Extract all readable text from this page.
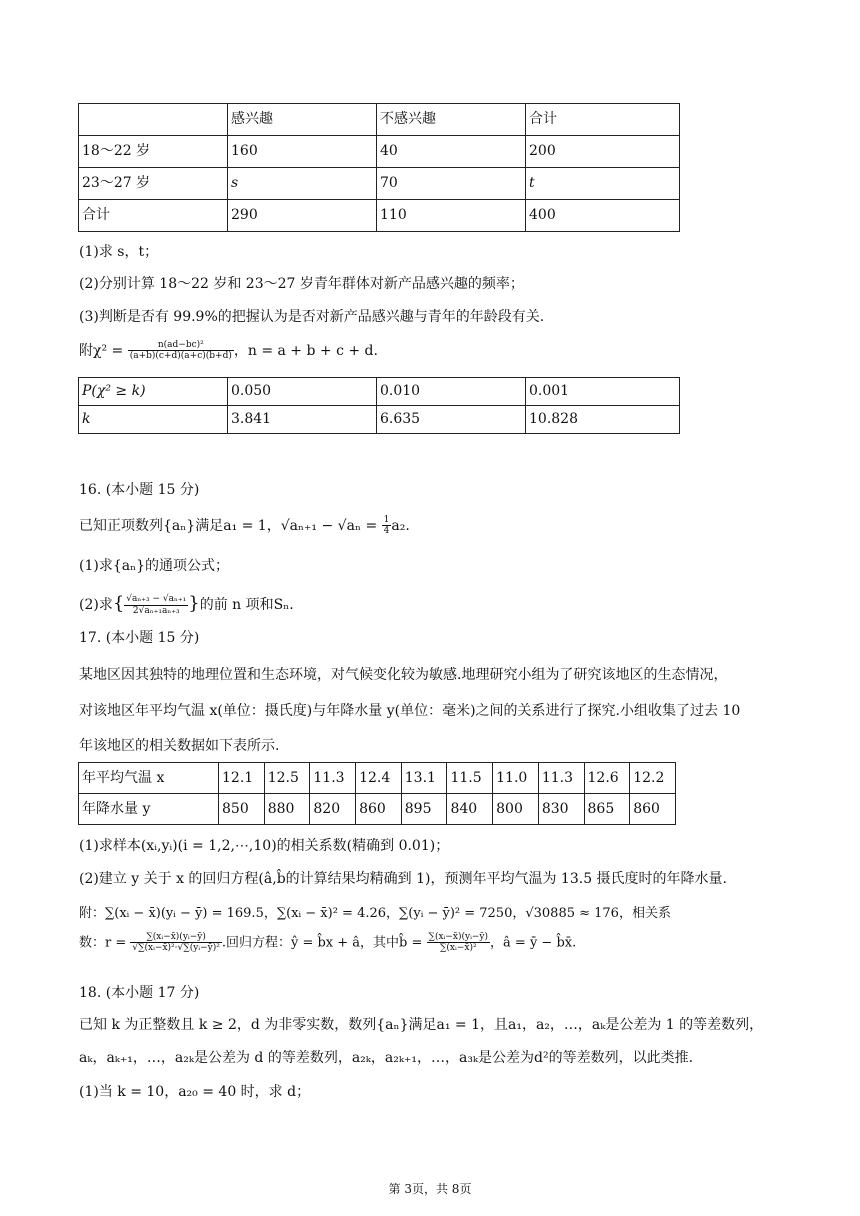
	感兴趣	不感兴趣	合计
18～22 岁	160	40	200
23～27 岁	s	70	t
合计	290	110	400
(1)求 s，t；
(2)分别计算 18～22 岁和 23～27 岁青年群体对新产品感兴趣的频率；
(3)判断是否有 99.9%的把握认为是否对新产品感兴趣与青年的年龄段有关.
附$\chi^2 = \frac{\text{n(ad−bc)²}}{(a+b)(c+d)(a+c)(b+d)}$ ，n = a + b + c + d.
P(χ² ≥ k)	0.050	0.010	0.001
k	3.841	6.635	10.828
16. (本小题 15 分)
已知正项数列{aₙ}满足a₁ = 1，$√a_{n+1} - √a_n = \frac{1}{4} a_2$.
(1)求{aₙ}的通项公式；
(2)求{ $\frac{\text{√aₙ₊₃ − √aₙ₊₁}}{\text{2√aₙ₊₁aₙ₊₃}}$ }的前 n 项和Sₙ.
17. (本小题 15 分)
某地区因其独特的地理位置和生态环境，对气候变化较为敏感.地理研究小组为了研究该地区的生态情况，
对该地区年平均气温 x(单位：摄氏度)与年降水量 y(单位：毫米)之间的关系进行了探究.小组收集了过去 10
年该地区的相关数据如下表所示.
年平均气温 x	12.1	12.5	11.3	12.4	13.1	11.5	11.0	11.3	12.6	12.2
年降水量 y	850	880	820	860	895	840	800	830	865	860
(1)求样本(xᵢ,yᵢ)(i = 1,2,⋯,10)的相关系数(精确到 0.01)；
(2)建立 y 关于 x 的回归方程(â,b̂的计算结果均精确到 1)，预测年平均气温为 13.5 摄氏度时的年降水量.
附：∑(xᵢ − x̄)(yᵢ − ȳ) = 169.5，∑(xᵢ − x̄)² = 4.26，∑(yᵢ − ȳ)² = 7250，√30885 ≈ 176，相关系
数：$r = \frac{\text{∑(xᵢ−x̄)(yᵢ−ȳ)}}{\text{√∑(xᵢ−x̄)²·√∑(yᵢ−ȳ)²}}$ .回归方程：ŷ = b̂x + â，其中b̂ = $\frac{\text{∑(xᵢ−x̄)(yᵢ−ȳ)}}{\text{∑(xᵢ−x̄)²}}$ ，â = ȳ − b̂x̄.
18. (本小题 17 分)
已知 k 为正整数且 k ≥ 2，d 为非零实数，数列{aₙ}满足a₁ = 1，且a₁，a₂，…，aₖ是公差为 1 的等差数列，
aₖ，aₖ₊₁，…，a₂ₖ是公差为 d 的等差数列，a₂ₖ，a₂ₖ₊₁，…，a₃ₖ是公差为d²的等差数列，以此类推.
(1)当 k = 10，a₂₀ = 40 时，求 d；
第 3页，共 8页
